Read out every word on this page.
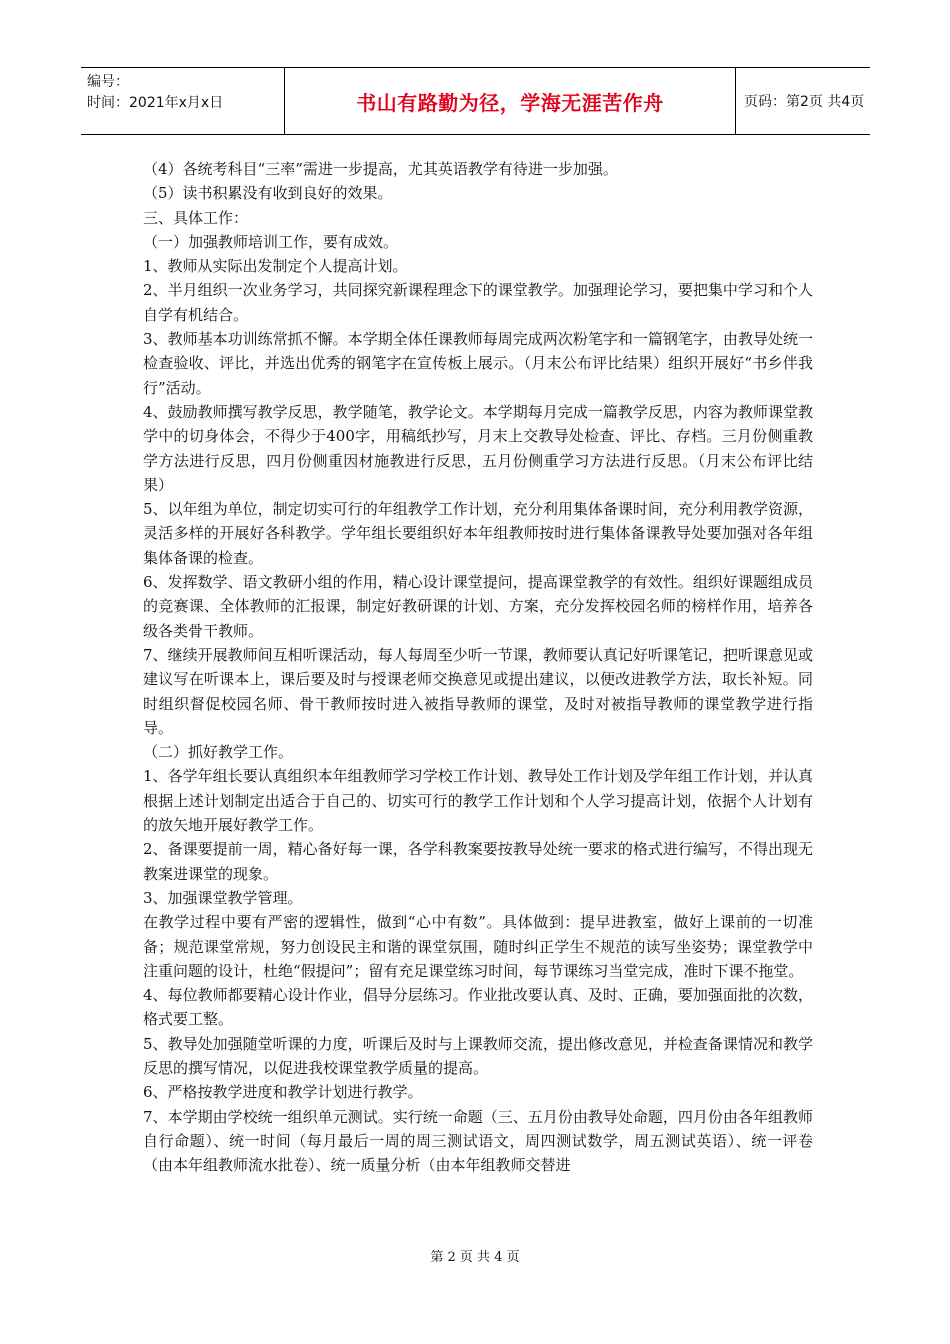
编号：
时间：2021年x月x日	书山有路勤为径，学海无涯苦作舟	页码：第2页 共4页

（4）各统考科目“三率”需进一步提高，尤其英语教学有待进一步加强。

（5）读书积累没有收到良好的效果。

三、具体工作：

（一）加强教师培训工作，要有成效。

1、教师从实际出发制定个人提高计划。

2、半月组织一次业务学习，共同探究新课程理念下的课堂教学。加强理论学习，要把集中学习和个人自学有机结合。

3、教师基本功训练常抓不懈。本学期全体任课教师每周完成两次粉笔字和一篇钢笔字，由教导处统一检查验收、评比，并选出优秀的钢笔字在宣传板上展示。（月末公布评比结果）组织开展好“书乡伴我行”活动。

4、鼓励教师撰写教学反思，教学随笔，教学论文。本学期每月完成一篇教学反思，内容为教师课堂教学中的切身体会，不得少于400字，用稿纸抄写，月末上交教导处检查、评比、存档。三月份侧重教学方法进行反思，四月份侧重因材施教进行反思，五月份侧重学习方法进行反思。（月末公布评比结果）

5、以年组为单位，制定切实可行的年组教学工作计划，充分利用集体备课时间，充分利用教学资源，灵活多样的开展好各科教学。学年组长要组织好本年组教师按时进行集体备课教导处要加强对各年组集体备课的检查。

6、发挥数学、语文教研小组的作用，精心设计课堂提问，提高课堂教学的有效性。组织好课题组成员的竞赛课、全体教师的汇报课，制定好教研课的计划、方案，充分发挥校园名师的榜样作用，培养各级各类骨干教师。

7、继续开展教师间互相听课活动，每人每周至少听一节课，教师要认真记好听课笔记，把听课意见或建议写在听课本上，课后要及时与授课老师交换意见或提出建议，以便改进教学方法，取长补短。同时组织督促校园名师、骨干教师按时进入被指导教师的课堂，及时对被指导教师的课堂教学进行指导。

（二）抓好教学工作。

1、各学年组长要认真组织本年组教师学习学校工作计划、教导处工作计划及学年组工作计划，并认真根据上述计划制定出适合于自己的、切实可行的教学工作计划和个人学习提高计划，依据个人计划有的放矢地开展好教学工作。

2、备课要提前一周，精心备好每一课，各学科教案要按教导处统一要求的格式进行编写，不得出现无教案进课堂的现象。

3、加强课堂教学管理。

在教学过程中要有严密的逻辑性，做到“心中有数”。具体做到：提早进教室，做好上课前的一切准备；规范课堂常规，努力创设民主和谐的课堂氛围，随时纠正学生不规范的读写坐姿势；课堂教学中注重问题的设计，杜绝“假提问”；留有充足课堂练习时间，每节课练习当堂完成，准时下课不拖堂。

4、每位教师都要精心设计作业，倡导分层练习。作业批改要认真、及时、正确，要加强面批的次数，格式要工整。

5、教导处加强随堂听课的力度，听课后及时与上课教师交流，提出修改意见，并检查备课情况和教学反思的撰写情况，以促进我校课堂教学质量的提高。

6、严格按教学进度和教学计划进行教学。

7、本学期由学校统一组织单元测试。实行统一命题（三、五月份由教导处命题，四月份由各年组教师自行命题）、统一时间（每月最后一周的周三测试语文，周四测试数学，周五测试英语）、统一评卷（由本年组教师流水批卷）、统一质量分析（由本年组教师交替进

第 2 页 共 4 页
